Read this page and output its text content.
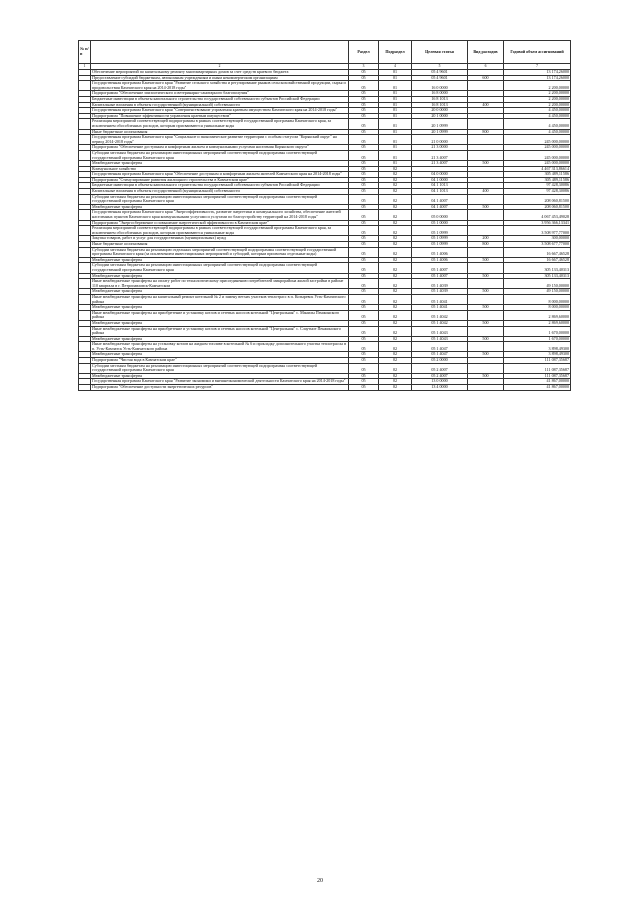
№ п/п		Раздел	Подраздел	Целевая статья	Вид расходов	Годовой объем ассигнований
1	2	3	4	5	6	7
	Обеспечение мероприятий по капитальному ремонту многоквартирных домов за счет средств краевого бюджета	05	01	05 4 9601		13 174,26000
	Предоставление субсидий бюджетным, автономным учреждениям и иным некоммерческим организациям	05	01	05 4 9601	600	13 174,26000
	Государственная программа Камчатского края "Развитие сельского хозяйства и регулирование рынков сельскохозяйственной продукции, сырья и продовольствия Камчатского края на 2014-2018 годы"	05	01	16 0 0000		2 200,00000
	Подпрограмма "Обеспечение эпизоотического и ветеринарно-санитарного благополучия"	05	01	16 8 0000		2 200,00000
	Бюджетные инвестиции в объекты капитального строительства государственной собственности субъектов Российской Федерации	05	01	16 8 1013		2 200,00000
	Капитальные вложения в объекты государственной (муниципальной) собственности	05	01	16 8 1013	400	2 200,00000
	Государственная программа Камчатского края "Совершенствование управления краевым имуществом Камчатского края на 2014-2018 годы"	05	01	20 0 0000		4 450,00000
	Подпрограмма "Повышение эффективности управления краевым имуществом"	05	01	20 1 0000		4 450,00000
	Реализация мероприятий соответствующей подпрограммы в рамках соответствующей государственной программы Камчатского края, за исключением обособленных расходов, которым присваиваются уникальные коды	05	01	20 1 0999		4 450,00000
	Иные бюджетные ассигнования	05	01	20 1 0999	800	4 450,00000
	Государственная программа Камчатского края "Социальное и экономическое развитие территории с особым статусом "Корякский округ" на период 2014-2018 годы"	05	01	21 0 0000		245 000,00000
	Подпрограмма "Обеспечение доступным и комфортным жильем и коммунальными услугами населения Корякского округа"	05	01	21 3 0000		245 000,00000
	Субсидии местным бюджетам на реализацию инвестиционных мероприятий соответствующей подпрограммы соответствующей государственной программы Камчатского края	05	01	21 3 4007		245 000,00000
	Межбюджетные трансферты	05	01	21 3 4007	500	245 000,00000
	Коммунальное хозяйство	05	02			4 467 313,86614
	Государственная программа Камчатского края "Обеспечение доступным и комфортным жильем жителей Камчатского края на 2014-2018 годы"	05	02	04 0 0000		305 489,11586
	Подпрограмма "Стимулирование развития жилищного строительства в Камчатском крае"	05	02	04 1 0000		305 489,11586
	Бюджетные инвестиции в объекты капитального строительства государственной собственности субъектов Российской Федерации	05	02	04 1 1013		97 428,30086
	Капитальные вложения в объекты государственной (муниципальной) собственности	05	02	04 1 1013	400	97 428,30086
	Субсидии местным бюджетам на реализацию инвестиционных мероприятий соответствующей подпрограммы соответствующей государственной программы Камчатского края	05	02	04 1 4007		208 060,81500
	Межбюджетные трансферты	05	02	04 1 4007	500	208 060,81500
	Государственная программа Камчатского края "Энергоэффективность, развитие энергетики и коммунального хозяйства, обеспечение жителей населенных пунктов Камчатского края коммунальными услугами и услугами по благоустройству территорий на 2014-2018 годы"	05	02	05 0 0000		4 067 453,49028
	Подпрограмма "Энергосбережение и повышение энергетической эффективности в Камчатском крае"	05	02	05 1 0000		3 956 366,13341
	Реализация мероприятий соответствующей подпрограммы в рамках соответствующей государственной программы Камчатского края, за исключением обособленных расходов, которым присваиваются уникальные коды	05	02	05 1 0999		3 508 977,77000
	Закупка товаров, работ и услуг для государственных (муниципальных) нужд	05	02	05 1 0999	200	300,00000
	Иные бюджетные ассигнования	05	02	05 1 0999	800	3 508 677,77000
	Субсидии местным бюджетам на реализацию отдельных мероприятий соответствующей подпрограммы соответствующей государственной программы Камчатского края (за исключением инвестиционных мероприятий и субсидий, которым присвоены отдельные коды)	05	02	05 1 4006		16 667,46528
	Межбюджетные трансферты	05	02	05 1 4006	500	16 667,46528
	Субсидии местным бюджетам на реализацию инвестиционных мероприятий соответствующей подпрограммы соответствующей государственной программы Камчатского края	05	02	05 1 4007		305 133,40313
	Межбюджетные трансферты	05	02	05 1 4007	500	305 133,40313
	Иные межбюджетные трансферты на оплату работ по технологическому присоединению потребителей микрорайона жилой застройки в районе 110 квартала в г. Петропавловск-Камчатском	05	02	05 1 4039		49 150,00000
	Межбюджетные трансферты	05	02	05 1 4039	500	49 150,00000
	Иные межбюджетные трансферты на капитальный ремонт котельной № 2 и замену ветхих участков теплотрасс в п. Козыревск Усть-Камчатского района	05	02	05 1 4041		8 000,00000
	Межбюджетные трансферты	05	02	05 1 4041	500	8 000,00000
	Иные межбюджетные трансферты на приобретение и установку котлов и сетевых насосов котельной "Центральная" с. Манилы Пенжинского района	05	02	05 1 4042		2 869,60000
	Межбюджетные трансферты	05	02	05 1 4042	500	2 869,60000
	Иные межбюджетные трансферты на приобретение и установку котлов и сетевых насосов котельной "Центральная" с. Слаутное Пенжинского района	05	02	05 1 4043		1 670,00000
	Межбюджетные трансферты	05	02	05 1 4043	500	1 670,00000
	Иные межбюджетные трансферты на установку котлов на жидком топливе в котельной № 6 и прокладку дополнительного участка теплотрассы в п. Усть-Камчатск Усть-Камчатского района	05	02	05 1 4047		3 898,49300
	Межбюджетные трансферты	05	02	05 1 4047	500	3 898,49300
	Подпрограмма "Чистая вода в Камчатском крае"	05	02	05 2 0000		111 087,35687
	Субсидии местным бюджетам на реализацию инвестиционных мероприятий соответствующей подпрограммы соответствующей государственной программы Камчатского края	05	02	05 2 4007		111 087,35687
	Межбюджетные трансферты	05	02	05 2 4007	500	111 087,35687
	Государственная программа Камчатского края "Развитие экономики и внешнеэкономической деятельности Камчатского края на 2014-2018 годы"	05	02	13 0 0000		41 867,00000
	Подпрограмма "Обеспечение доступности энергетических ресурсов"	05	02	13 4 0000		41 867,00000
20
